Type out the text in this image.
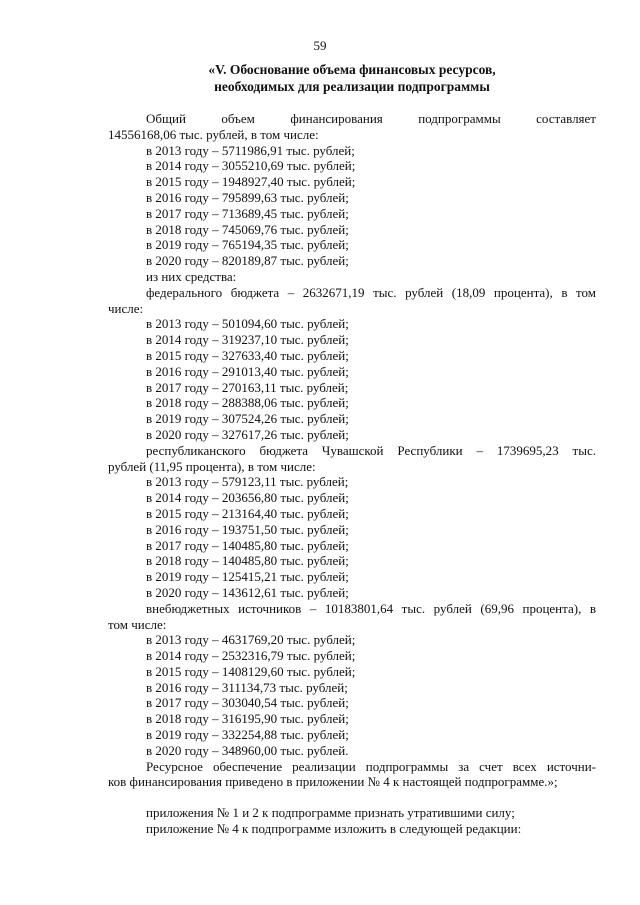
59
«V. Обоснование объема финансовых ресурсов,
необходимых для реализации подпрограммы
Общий объем финансирования подпрограммы составляет
14556168,06 тыс. рублей, в том числе:
в 2013 году – 5711986,91 тыс. рублей;
в 2014 году – 3055210,69 тыс. рублей;
в 2015 году – 1948927,40 тыс. рублей;
в 2016 году – 795899,63 тыс. рублей;
в 2017 году – 713689,45 тыс. рублей;
в 2018 году – 745069,76 тыс. рублей;
в 2019 году – 765194,35 тыс. рублей;
в 2020 году – 820189,87 тыс. рублей;
из них средства:
федерального бюджета – 2632671,19 тыс. рублей (18,09 процента), в том
числе:
в 2013 году – 501094,60 тыс. рублей;
в 2014 году – 319237,10 тыс. рублей;
в 2015 году – 327633,40 тыс. рублей;
в 2016 году – 291013,40 тыс. рублей;
в 2017 году – 270163,11 тыс. рублей;
в 2018 году – 288388,06 тыс. рублей;
в 2019 году – 307524,26 тыс. рублей;
в 2020 году – 327617,26 тыс. рублей;
республиканского бюджета Чувашской Республики – 1739695,23 тыс.
рублей (11,95 процента), в том числе:
в 2013 году – 579123,11 тыс. рублей;
в 2014 году – 203656,80 тыс. рублей;
в 2015 году – 213164,40 тыс. рублей;
в 2016 году – 193751,50 тыс. рублей;
в 2017 году – 140485,80 тыс. рублей;
в 2018 году – 140485,80 тыс. рублей;
в 2019 году – 125415,21 тыс. рублей;
в 2020 году – 143612,61 тыс. рублей;
внебюджетных источников – 10183801,64 тыс. рублей (69,96 процента), в
том числе:
в 2013 году – 4631769,20 тыс. рублей;
в 2014 году – 2532316,79 тыс. рублей;
в 2015 году – 1408129,60 тыс. рублей;
в 2016 году – 311134,73 тыс. рублей;
в 2017 году – 303040,54 тыс. рублей;
в 2018 году – 316195,90 тыс. рублей;
в 2019 году – 332254,88 тыс. рублей;
в 2020 году – 348960,00 тыс. рублей.
Ресурсное обеспечение реализации подпрограммы за счет всех источни-
ков финансирования приведено в приложении № 4 к настоящей подпрограмме.»;
приложения № 1 и 2 к подпрограмме признать утратившими силу;
приложение № 4 к подпрограмме изложить в следующей редакции:
